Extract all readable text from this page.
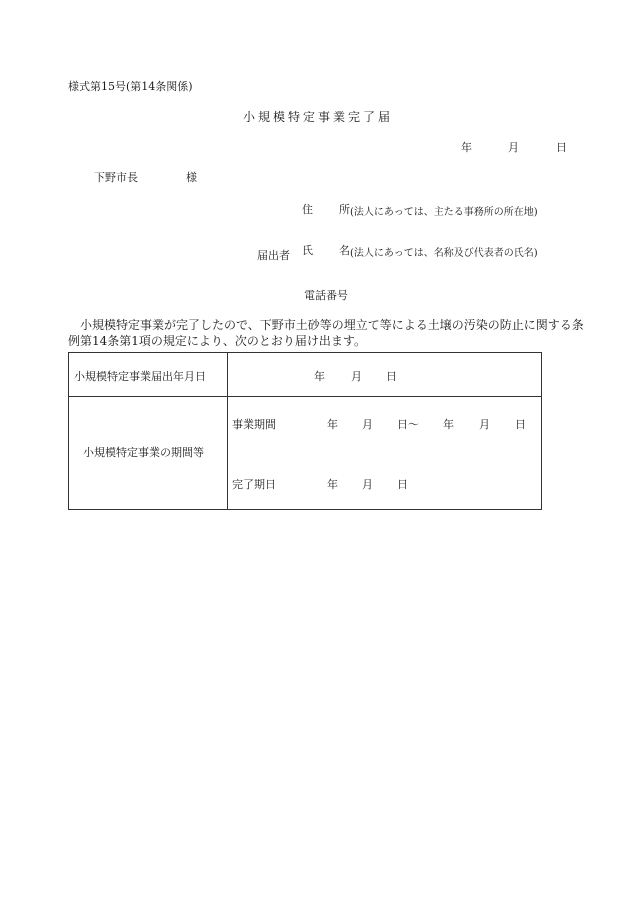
様式第15号(第14条関係)
小規模特定事業完了届
年	月	日
下野市長	様
住 所 (法人にあっては、主たる事務所の所在地)
届出者 氏 名 (法人にあっては、名称及び代表者の氏名)
電話番号
小規模特定事業が完了したので、下野市土砂等の埋立て等による土壌の汚染の防止に関する条例第14条第1項の規定により、次のとおり届け出ます。
小規模特定事業届出年月日	年 月 日
小規模特定事業の期間等
事業期間	年 月 日～ 年 月 日
完了期日	年 月 日
